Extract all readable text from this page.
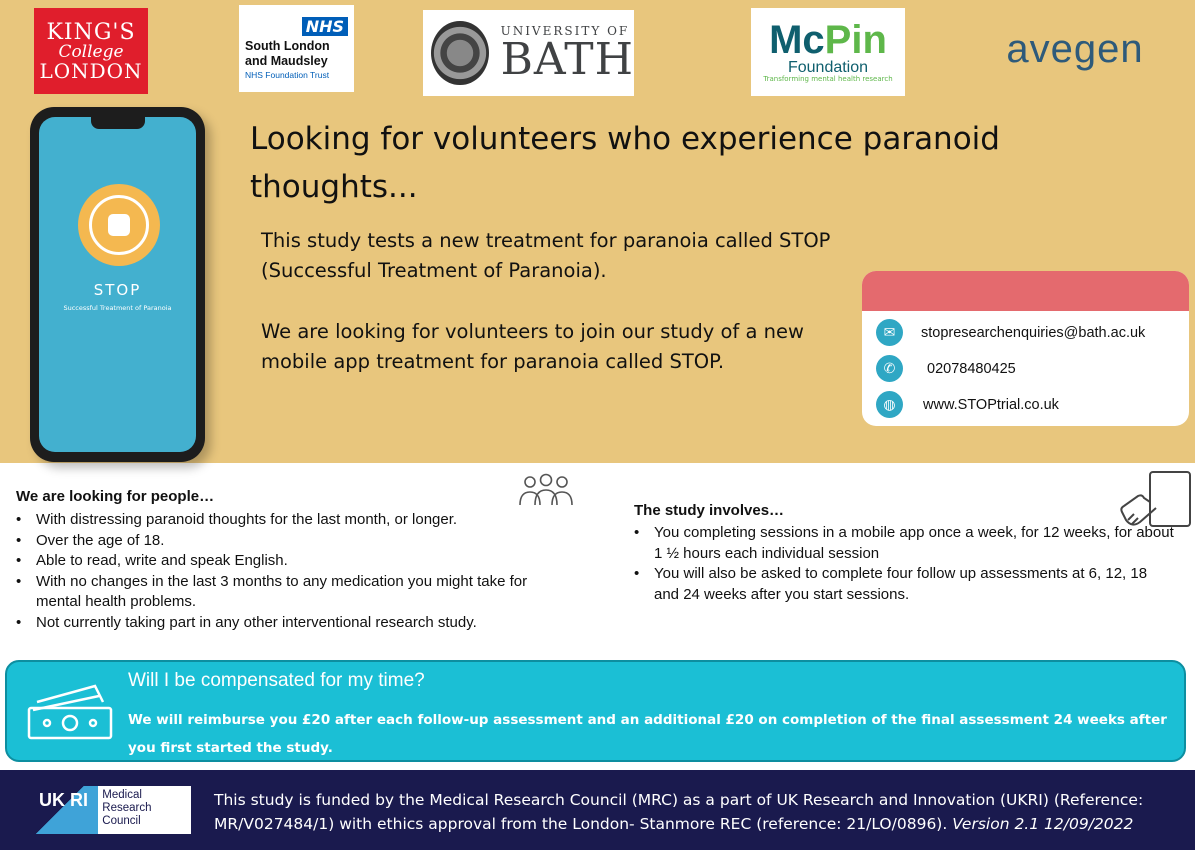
KING'S
College
LONDON
NHS
South London
and Maudsley
NHS Foundation Trust
UNIVERSITY OF
BATH	McPin
Foundation
Transforming mental health research
avegen
STOP
Successful Treatment of Paranoia
Looking for volunteers who experience paranoid thoughts...

This study tests a new treatment for paranoia called STOP (Successful Treatment of Paranoia).

We are looking for volunteers to join our study of a new mobile app treatment for paranoia called STOP.

✉	stopresearchenquiries@bath.ac.uk
✆	02078480425
◍	www.STOPtrial.co.uk
We are looking for people…
• With distressing paranoid thoughts for the last month, or longer.
• Over the age of 18.
• Able to read, write and speak English.
• With no changes in the last 3 months to any medication you might take for mental health problems.
• Not currently taking part in any other interventional research study.
The study involves…
• You completing sessions in a mobile app once a week, for 12 weeks, for about 1 ½ hours each individual session
• You will also be asked to complete four follow up assessments at 6, 12, 18 and 24 weeks after you start sessions.
Will I be compensated for my time?
We will reimburse you £20 after each follow-up assessment and an additional £20 on completion of the final assessment 24 weeks after you first started the study.
UK RI	Medical Research Council
This study is funded by the Medical Research Council (MRC) as a part of UK Research and Innovation (UKRI) (Reference: MR/V027484/1) with ethics approval from the London- Stanmore REC (reference: 21/LO/0896). Version 2.1 12/09/2022
